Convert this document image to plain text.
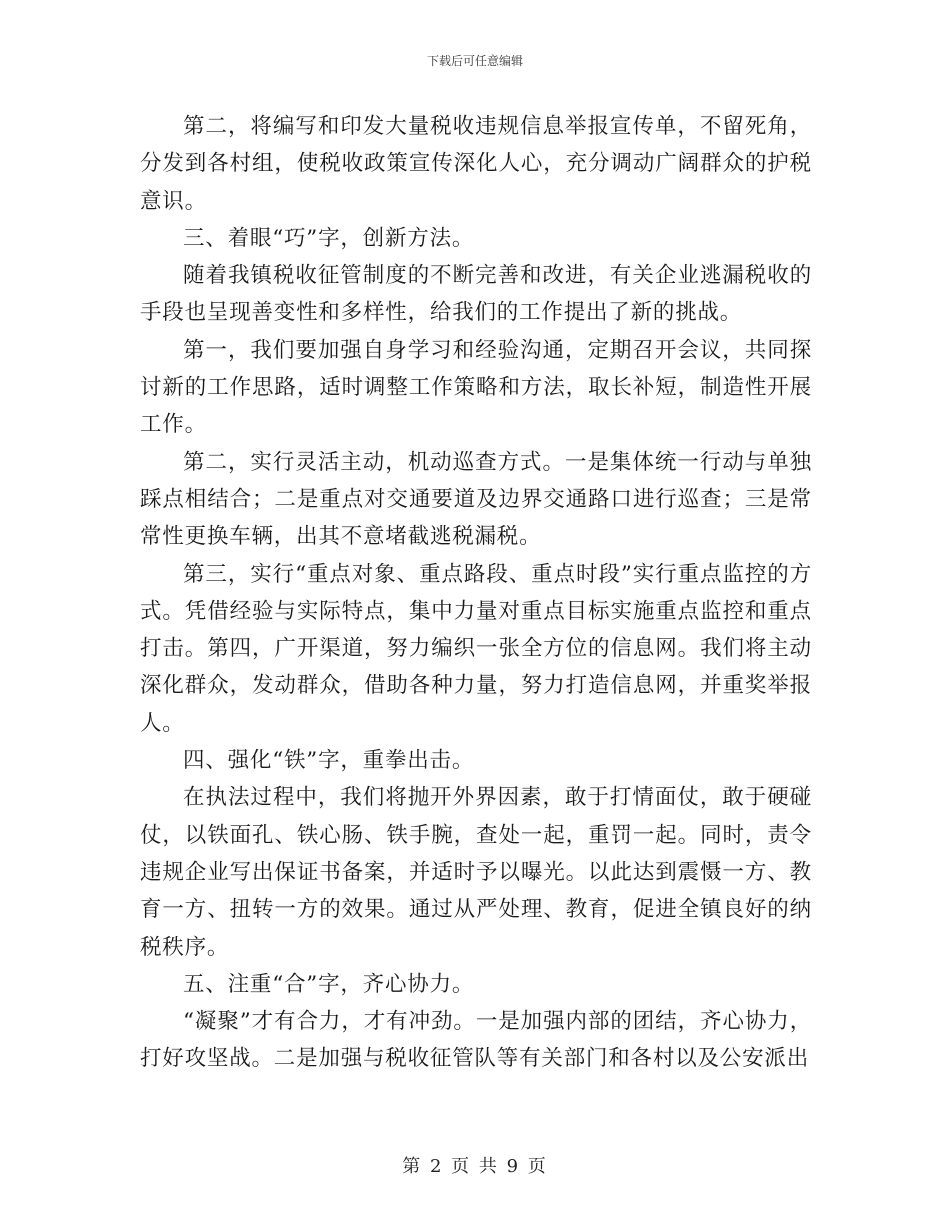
下载后可任意编辑

第二，将编写和印发大量税收违规信息举报宣传单，不留死角，分发到各村组，使税收政策宣传深化人心，充分调动广阔群众的护税意识。

三、着眼“巧”字，创新方法。

随着我镇税收征管制度的不断完善和改进，有关企业逃漏税收的手段也呈现善变性和多样性，给我们的工作提出了新的挑战。

第一，我们要加强自身学习和经验沟通，定期召开会议，共同探讨新的工作思路，适时调整工作策略和方法，取长补短，制造性开展工作。

第二，实行灵活主动，机动巡查方式。一是集体统一行动与单独踩点相结合；二是重点对交通要道及边界交通路口进行巡查；三是常常性更换车辆，出其不意堵截逃税漏税。

第三，实行“重点对象、重点路段、重点时段”实行重点监控的方式。凭借经验与实际特点，集中力量对重点目标实施重点监控和重点打击。第四，广开渠道，努力编织一张全方位的信息网。我们将主动深化群众，发动群众，借助各种力量，努力打造信息网，并重奖举报人。

四、强化“铁”字，重拳出击。

在执法过程中，我们将抛开外界因素，敢于打情面仗，敢于硬碰仗，以铁面孔、铁心肠、铁手腕，查处一起，重罚一起。同时，责令违规企业写出保证书备案，并适时予以曝光。以此达到震慑一方、教育一方、扭转一方的效果。通过从严处理、教育，促进全镇良好的纳税秩序。

五、注重“合”字，齐心协力。

“凝聚”才有合力，才有冲劲。一是加强内部的团结，齐心协力，打好攻坚战。二是加强与税收征管队等有关部门和各村以及公安派出

第 2 页 共 9 页
